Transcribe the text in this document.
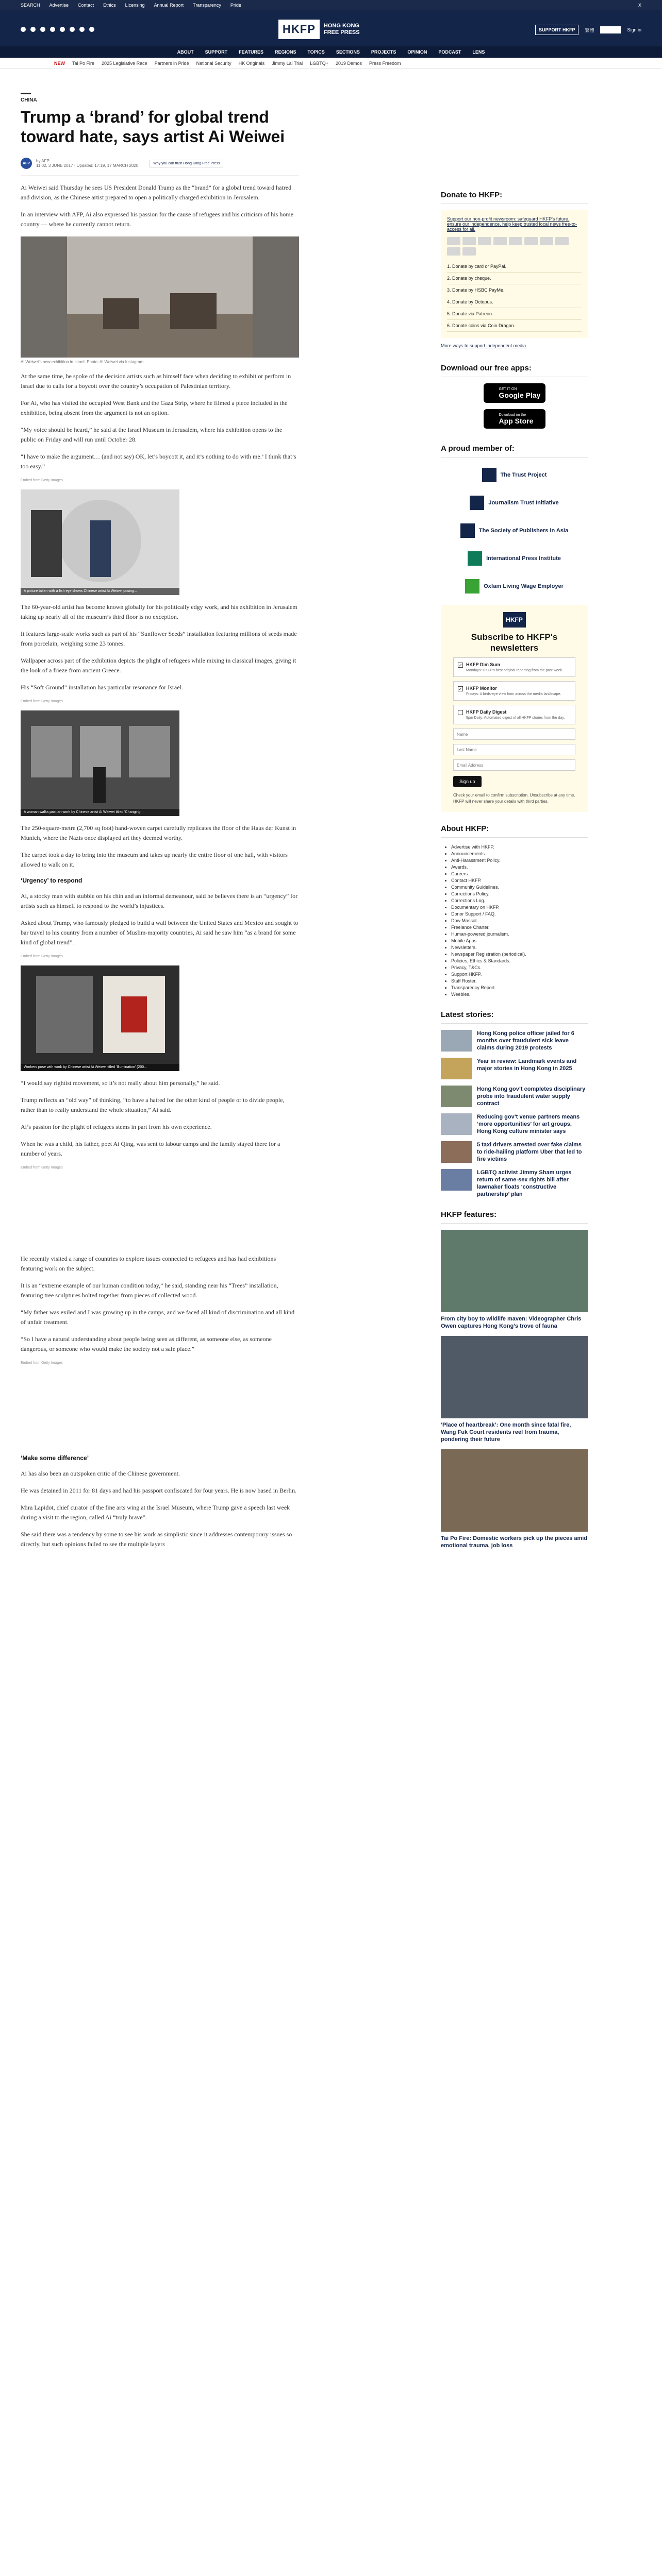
SEARCH Advertise Contact Ethics Licensing Annual Report Transparency Pride	X
HKFP	HONG KONG FREE PRESS	SUPPORT HKFP	繁體	Sign in
ABOUT SUPPORT FEATURES REGIONS TOPICS SECTIONS PROJECTS OPINION PODCAST LENS
NEW Tai Po Fire 2025 Legislative Race Partners in Pride National Security HK Originals Jimmy Lai Trial LGBTQ+ 2019 Demos Press Freedom
CHINA
Trump a ‘brand’ for global trend toward hate, says artist Ai Weiwei
AFP	by AFP
11:02, 3 JUNE 2017 · Updated: 17:19, 17 MARCH 2020	Why you can trust Hong Kong Free Press

Ai Weiwei said Thursday he sees US President Donald Trump as the “brand” for a global trend toward hatred and division, as the Chinese artist prepared to open a politically charged exhibition in Jerusalem.

In an interview with AFP, Ai also expressed his passion for the cause of refugees and his criticism of his home country — where he currently cannot return.

Ai Weiwei’s new exhibition in Israel. Photo: Ai Weiwei via Instagram.

At the same time, he spoke of the decision artists such as himself face when deciding to exhibit or perform in Israel due to calls for a boycott over the country’s occupation of Palestinian territory.

For Ai, who has visited the occupied West Bank and the Gaza Strip, where he filmed a piece included in the exhibition, being absent from the argument is not an option.

“My voice should be heard,” he said at the Israel Museum in Jerusalem, where his exhibition opens to the public on Friday and will run until October 28.

“I have to make the argument… (and not say) OK, let’s boycott it, and it’s nothing to do with me.’ I think that’s too easy.”

Embed from Getty Images
A picture taken with a fish eye shows Chinese artist Ai Weiwei posing...

The 60-year-old artist has become known globally for his politically edgy work, and his exhibition in Jerusalem taking up nearly all of the museum’s third floor is no exception.

It features large-scale works such as part of his “Sunflower Seeds” installation featuring millions of seeds made from porcelain, weighing some 23 tonnes.

Wallpaper across part of the exhibition depicts the plight of refugees while mixing in classical images, giving it the look of a frieze from ancient Greece.

His “Soft Ground” installation has particular resonance for Israel.

Embed from Getty Images
A woman walks past art work by Chinese artist Ai Weiwei titled 'Changing...

The 250-square-metre (2,700 sq foot) hand-woven carpet carefully replicates the floor of the Haus der Kunst in Munich, where the Nazis once displayed art they deemed worthy.

The carpet took a day to bring into the museum and takes up nearly the entire floor of one hall, with visitors allowed to walk on it.

‘Urgency’ to respond

Ai, a stocky man with stubble on his chin and an informal demeanour, said he believes there is an “urgency” for artists such as himself to respond to the world’s injustices.

Asked about Trump, who famously pledged to build a wall between the United States and Mexico and sought to bar travel to his country from a number of Muslim-majority countries, Ai said he saw him “as a brand for some kind of global trend”.

Embed from Getty Images
Workers pose with work by Chinese artist Ai Weiwei titled 'Illumination' (200...

“I would say rightist movement, so it’s not really about him personally,” he said.

Trump reflects an “old way” of thinking, “to have a hatred for the other kind of people or to divide people, rather than to really understand the whole situation,” Ai said.

Ai’s passion for the plight of refugees stems in part from his own experience.

When he was a child, his father, poet Ai Qing, was sent to labour camps and the family stayed there for a number of years.

Embed from Getty Images

He recently visited a range of countries to explore issues connected to refugees and has had exhibitions featuring work on the subject.

It is an “extreme example of our human condition today,” he said, standing near his “Trees” installation, featuring tree sculptures bolted together from pieces of collected wood.

“My father was exiled and I was growing up in the camps, and we faced all kind of discrimination and all kind of unfair treatment.

“So I have a natural understanding about people being seen as different, as someone else, as someone dangerous, or someone who would make the society not a safe place.”

Embed from Getty Images

‘Make some difference’

Ai has also been an outspoken critic of the Chinese government.

He was detained in 2011 for 81 days and had his passport confiscated for four years. He is now based in Berlin.

Mira Lapidot, chief curator of the fine arts wing at the Israel Museum, where Trump gave a speech last week during a visit to the region, called Ai “truly brave”.

She said there was a tendency by some to see his work as simplistic since it addresses contemporary issues so directly, but such opinions failed to see the multiple layers

Donate to HKFP:
Support our non-profit newsroom: safeguard HKFP's future, ensure our independence, help keep trusted local news free-to-access for all.
1. Donate by card or PayPal.
2. Donate by cheque.
3. Donate by HSBC PayMe.
4. Donate by Octopus.
5. Donate via Patreon.
6. Donate coins via Coin Dragon.
More ways to support independent media.
Download our free apps:
GET IT ON
Google Play
Download on the
App Store
A proud member of:
The Trust Project
Journalism Trust Initiative
The Society of Publishers in Asia
International Press Institute
Oxfam Living Wage Employer
HKFP
Subscribe to HKFP's newsletters
✓ HKFP Dim Sum
Mondays: HKFP's best original reporting from the past week.
✓ HKFP Monitor
Fridays: A birds-eye view from across the media landscape.
HKFP Daily Digest
9pm Daily: Automated digest of all HKFP stories from the day.
Name Last Name Email Address Sign up
Check your email to confirm subscription. Unsubscribe at any time. HKFP will never share your details with third parties.
About HKFP:
• Advertise with HKFP.
• Announcements.
• Anti-Harassment Policy.
• Awards.
• Careers.
• Contact HKFP.
• Community Guidelines.
• Corrections Policy.
• Corrections Log.
• Documentary on HKFP.
• Donor Support / FAQ.
• Dow Massot.
• Freelance Charter.
• Human-powered journalism.
• Mobile Apps.
• Newsletters.
• Newspaper Registration (periodical).
• Policies, Ethics & Standards.
• Privacy, T&Cs.
• Support HKFP.
• Staff Roster.
• Transparency Report.
• Weebles.
Latest stories:
Hong Kong police officer jailed for 6 months over fraudulent sick leave claims during 2019 protests
Year in review: Landmark events and major stories in Hong Kong in 2025
Hong Kong gov’t completes disciplinary probe into fraudulent water supply contract
Reducing gov’t venue partners means ‘more opportunities’ for art groups, Hong Kong culture minister says
5 taxi drivers arrested over fake claims to ride-hailing platform Uber that led to fire victims
LGBTQ activist Jimmy Sham urges return of same-sex rights bill after lawmaker floats ‘constructive partnership’ plan
HKFP features:
From city boy to wildlife maven: Videographer Chris Owen captures Hong Kong’s trove of fauna
‘Place of heartbreak’: One month since fatal fire, Wang Fuk Court residents reel from trauma, pondering their future
Tai Po Fire: Domestic workers pick up the pieces amid emotional trauma, job loss
